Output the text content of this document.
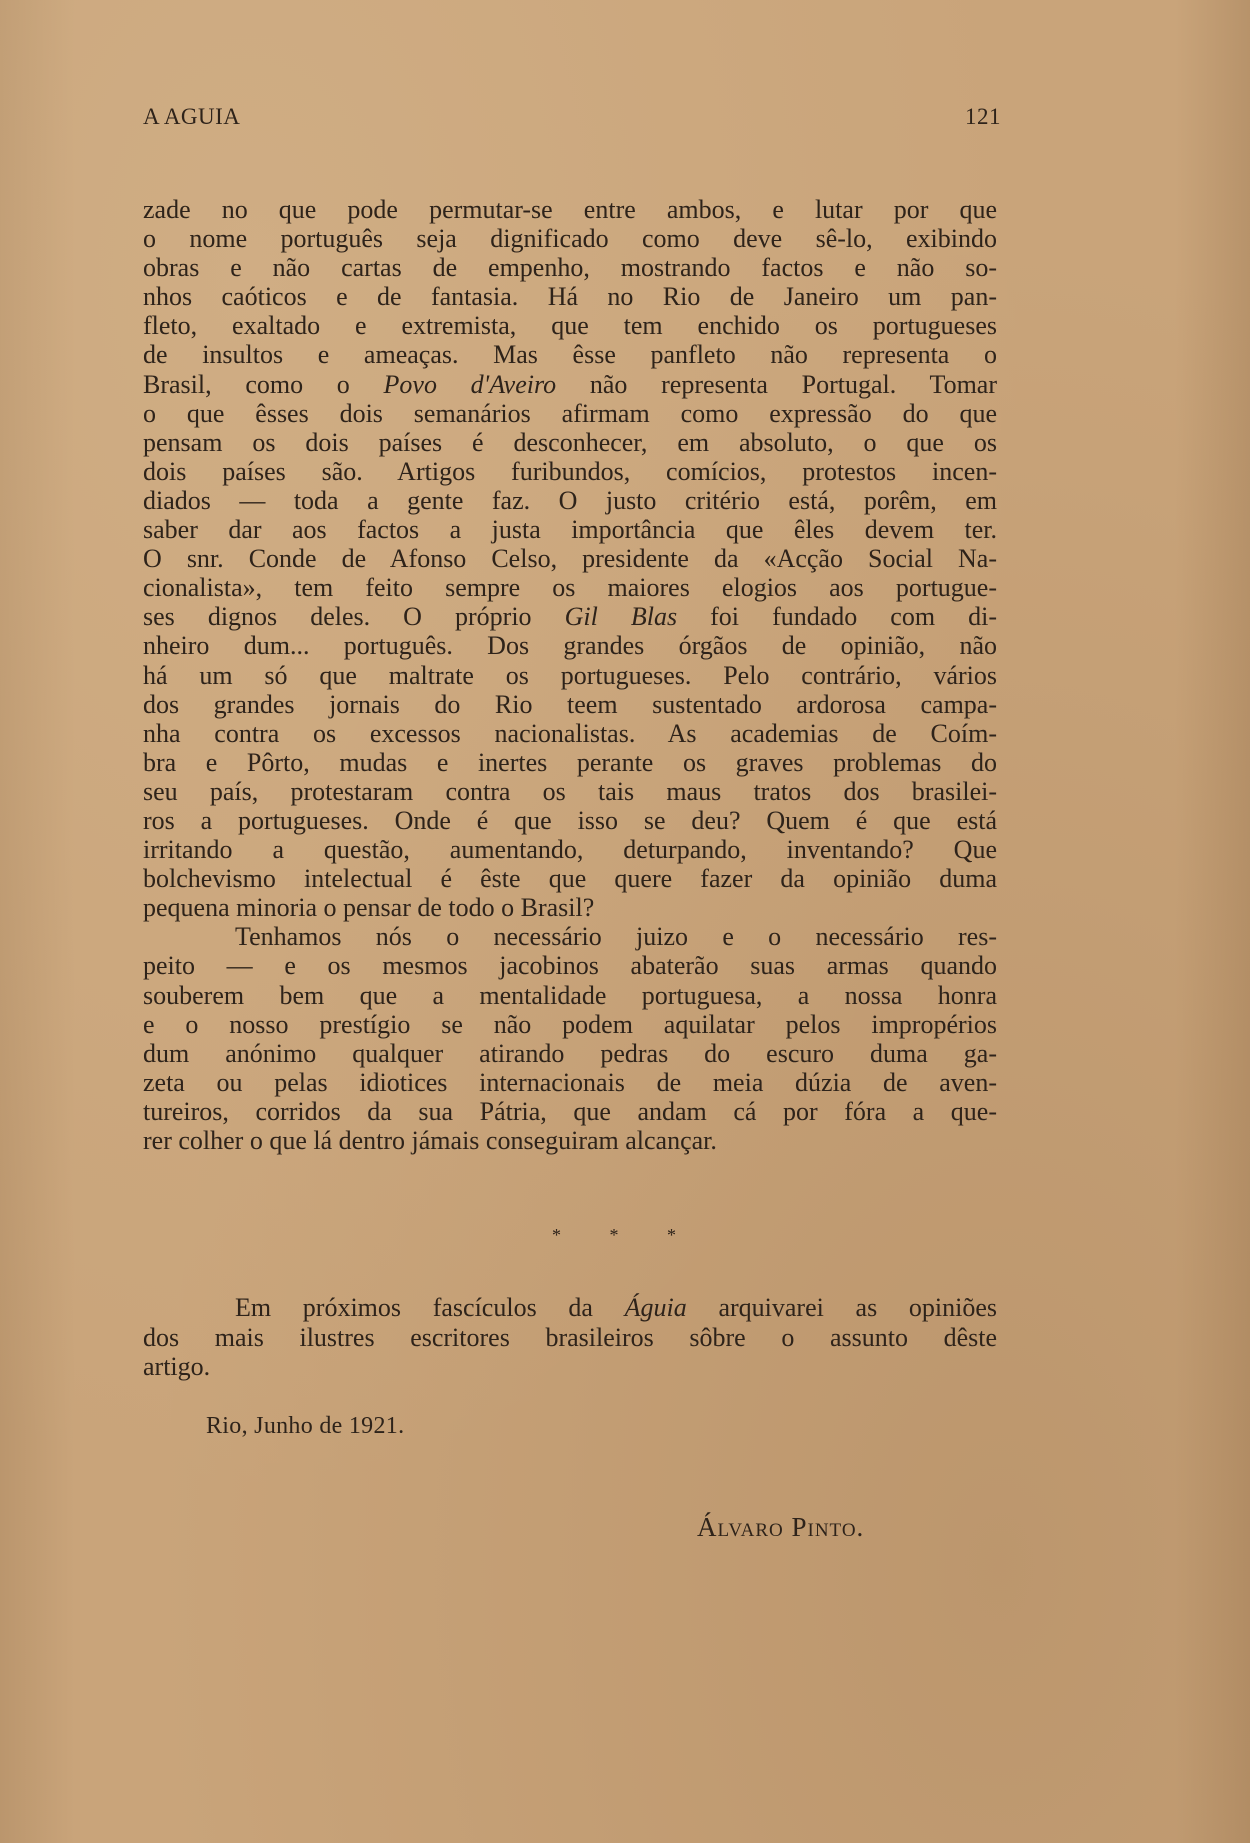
A AGUIA	121
zade no que pode permutar-se entre ambos, e lutar por que
o nome português seja dignificado como deve sê-lo, exibindo
obras e não cartas de empenho, mostrando factos e não so-
nhos caóticos e de fantasia. Há no Rio de Janeiro um pan-
fleto, exaltado e extremista, que tem enchido os portugueses
de insultos e ameaças. Mas êsse panfleto não representa o
Brasil, como o Povo d'Aveiro não representa Portugal. Tomar
o que êsses dois semanários afirmam como expressão do que
pensam os dois países é desconhecer, em absoluto, o que os
dois países são. Artigos furibundos, comícios, protestos incen-
diados — toda a gente faz. O justo critério está, porêm, em
saber dar aos factos a justa importância que êles devem ter.
O snr. Conde de Afonso Celso, presidente da «Acção Social Na-
cionalista», tem feito sempre os maiores elogios aos portugue-
ses dignos deles. O próprio Gil Blas foi fundado com di-
nheiro dum... português. Dos grandes órgãos de opinião, não
há um só que maltrate os portugueses. Pelo contrário, vários
dos grandes jornais do Rio teem sustentado ardorosa campa-
nha contra os excessos nacionalistas. As academias de Coím-
bra e Pôrto, mudas e inertes perante os graves problemas do
seu país, protestaram contra os tais maus tratos dos brasilei-
ros a portugueses. Onde é que isso se deu? Quem é que está
irritando a questão, aumentando, deturpando, inventando? Que
bolchevismo intelectual é êste que quere fazer da opinião duma
pequena minoria o pensar de todo o Brasil?
Tenhamos nós o necessário juizo e o necessário res-
peito — e os mesmos jacobinos abaterão suas armas quando
souberem bem que a mentalidade portuguesa, a nossa honra
e o nosso prestígio se não podem aquilatar pelos impropérios
dum anónimo qualquer atirando pedras do escuro duma ga-
zeta ou pelas idiotices internacionais de meia dúzia de aven-
tureiros, corridos da sua Pátria, que andam cá por fóra a que-
rer colher o que lá dentro jámais conseguiram alcançar.
* * *
Em próximos fascículos da Águia arquivarei as opiniões
dos mais ilustres escritores brasileiros sôbre o assunto dêste
artigo.
Rio, Junho de 1921.
Álvaro Pinto.
